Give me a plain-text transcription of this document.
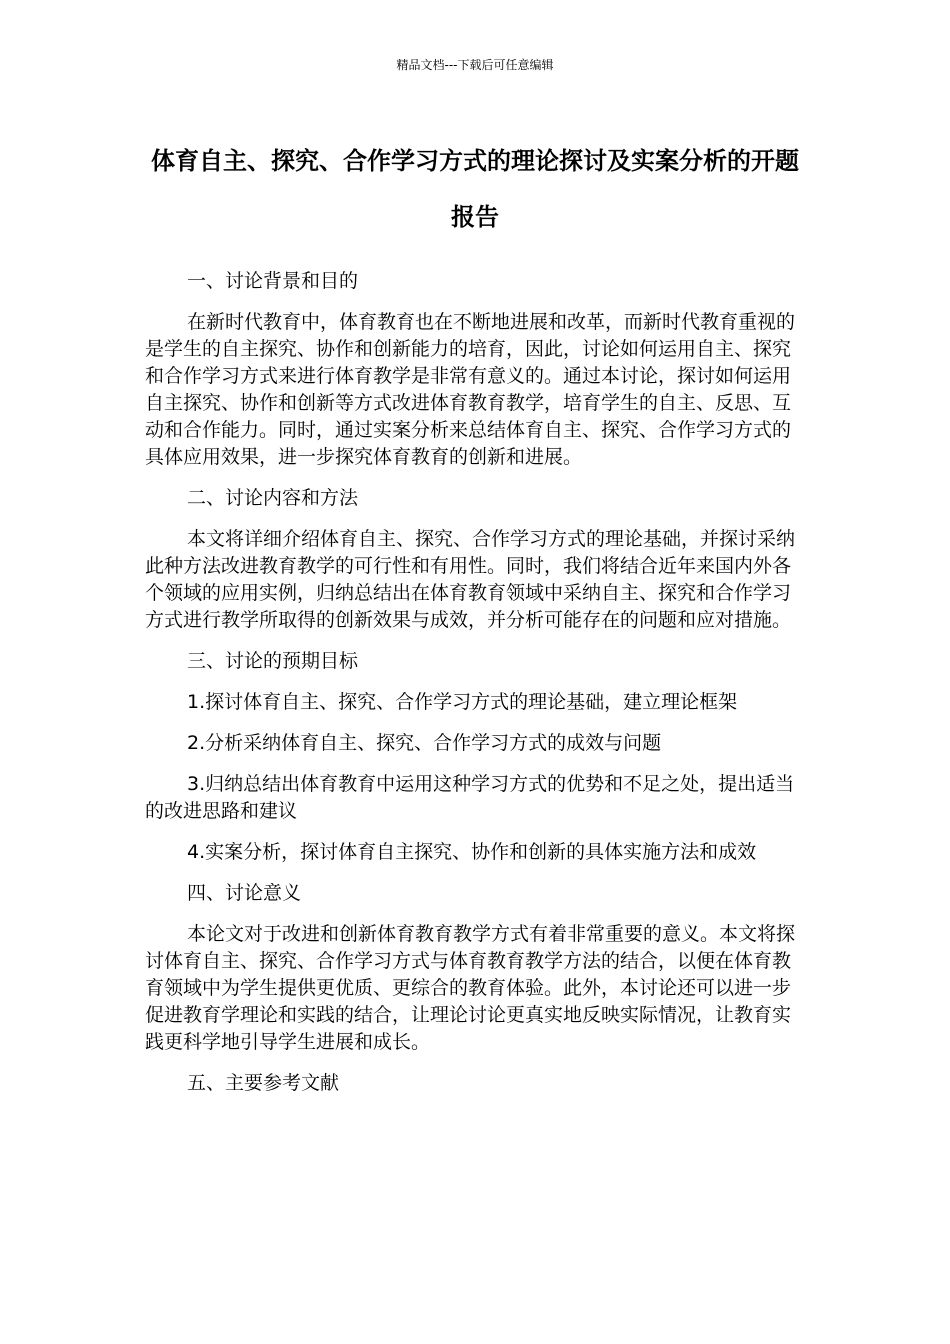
精品文档---下载后可任意编辑
体育自主、探究、合作学习方式的理论探讨及实案分析的开题报告

一、讨论背景和目的

在新时代教育中，体育教育也在不断地进展和改革，而新时代教育重视的是学生的自主探究、协作和创新能力的培育，因此，讨论如何运用自主、探究和合作学习方式来进行体育教学是非常有意义的。通过本讨论，探讨如何运用自主探究、协作和创新等方式改进体育教育教学，培育学生的自主、反思、互动和合作能力。同时，通过实案分析来总结体育自主、探究、合作学习方式的具体应用效果，进一步探究体育教育的创新和进展。

二、讨论内容和方法

本文将详细介绍体育自主、探究、合作学习方式的理论基础，并探讨采纳此种方法改进教育教学的可行性和有用性。同时，我们将结合近年来国内外各个领域的应用实例，归纳总结出在体育教育领域中采纳自主、探究和合作学习方式进行教学所取得的创新效果与成效，并分析可能存在的问题和应对措施。

三、讨论的预期目标

1.探讨体育自主、探究、合作学习方式的理论基础，建立理论框架

2.分析采纳体育自主、探究、合作学习方式的成效与问题

3.归纳总结出体育教育中运用这种学习方式的优势和不足之处，提出适当的改进思路和建议

4.实案分析，探讨体育自主探究、协作和创新的具体实施方法和成效

四、讨论意义

本论文对于改进和创新体育教育教学方式有着非常重要的意义。本文将探讨体育自主、探究、合作学习方式与体育教育教学方法的结合，以便在体育教育领域中为学生提供更优质、更综合的教育体验。此外，本讨论还可以进一步促进教育学理论和实践的结合，让理论讨论更真实地反映实际情况，让教育实践更科学地引导学生进展和成长。

五、主要参考文献
